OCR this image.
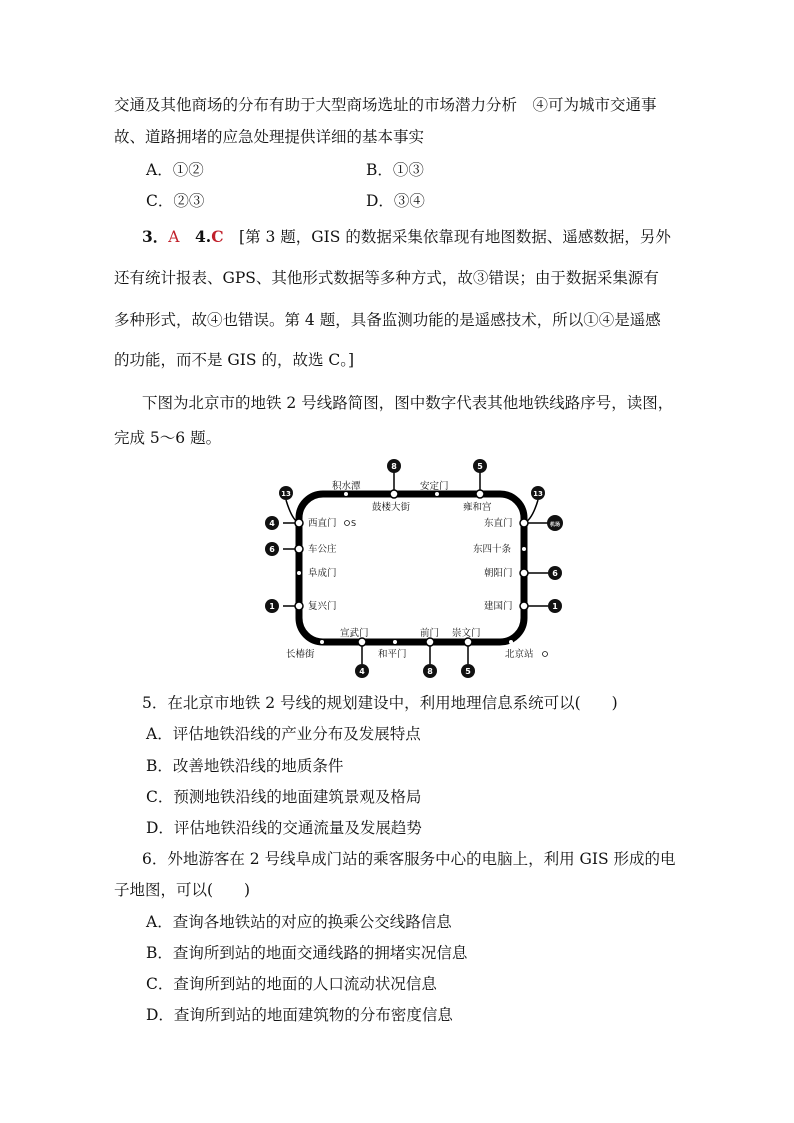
交通及其他商场的分布有助于大型商场选址的市场潜力分析　④可为城市交通事
故、道路拥堵的应急处理提供详细的基本事实
A．①②	B．①③
C．②③	D．③④
3．A　4.C　[第 3 题，GIS 的数据采集依靠现有地图数据、遥感数据，另外
还有统计报表、GPS、其他形式数据等多种方式，故③错误；由于数据采集源有
多种形式，故④也错误。第 4 题，具备监测功能的是遥感技术，所以①④是遥感
的功能，而不是 GIS 的，故选 C。]
下图为北京市的地铁 2 号线路简图，图中数字代表其他地铁线路序号，读图，
完成 5～6 题。
8	5
13	13
4
6
1
机场
6
1
4	8	5
积水潭
鼓楼大街
安定门
雍和宫
西直门	东直门
车公庄	东四十条
阜成门	朝阳门
复兴门	建国门
长椿街
宣武门
和平门
前门 崇文门
北京站
S
5．在北京市地铁 2 号线的规划建设中，利用地理信息系统可以(　　)
A．评估地铁沿线的产业分布及发展特点
B．改善地铁沿线的地质条件
C．预测地铁沿线的地面建筑景观及格局
D．评估地铁沿线的交通流量及发展趋势
6．外地游客在 2 号线阜成门站的乘客服务中心的电脑上，利用 GIS 形成的电
子地图，可以(　　)
A．查询各地铁站的对应的换乘公交线路信息
B．查询所到站的地面交通线路的拥堵实况信息
C．查询所到站的地面的人口流动状况信息
D．查询所到站的地面建筑物的分布密度信息
